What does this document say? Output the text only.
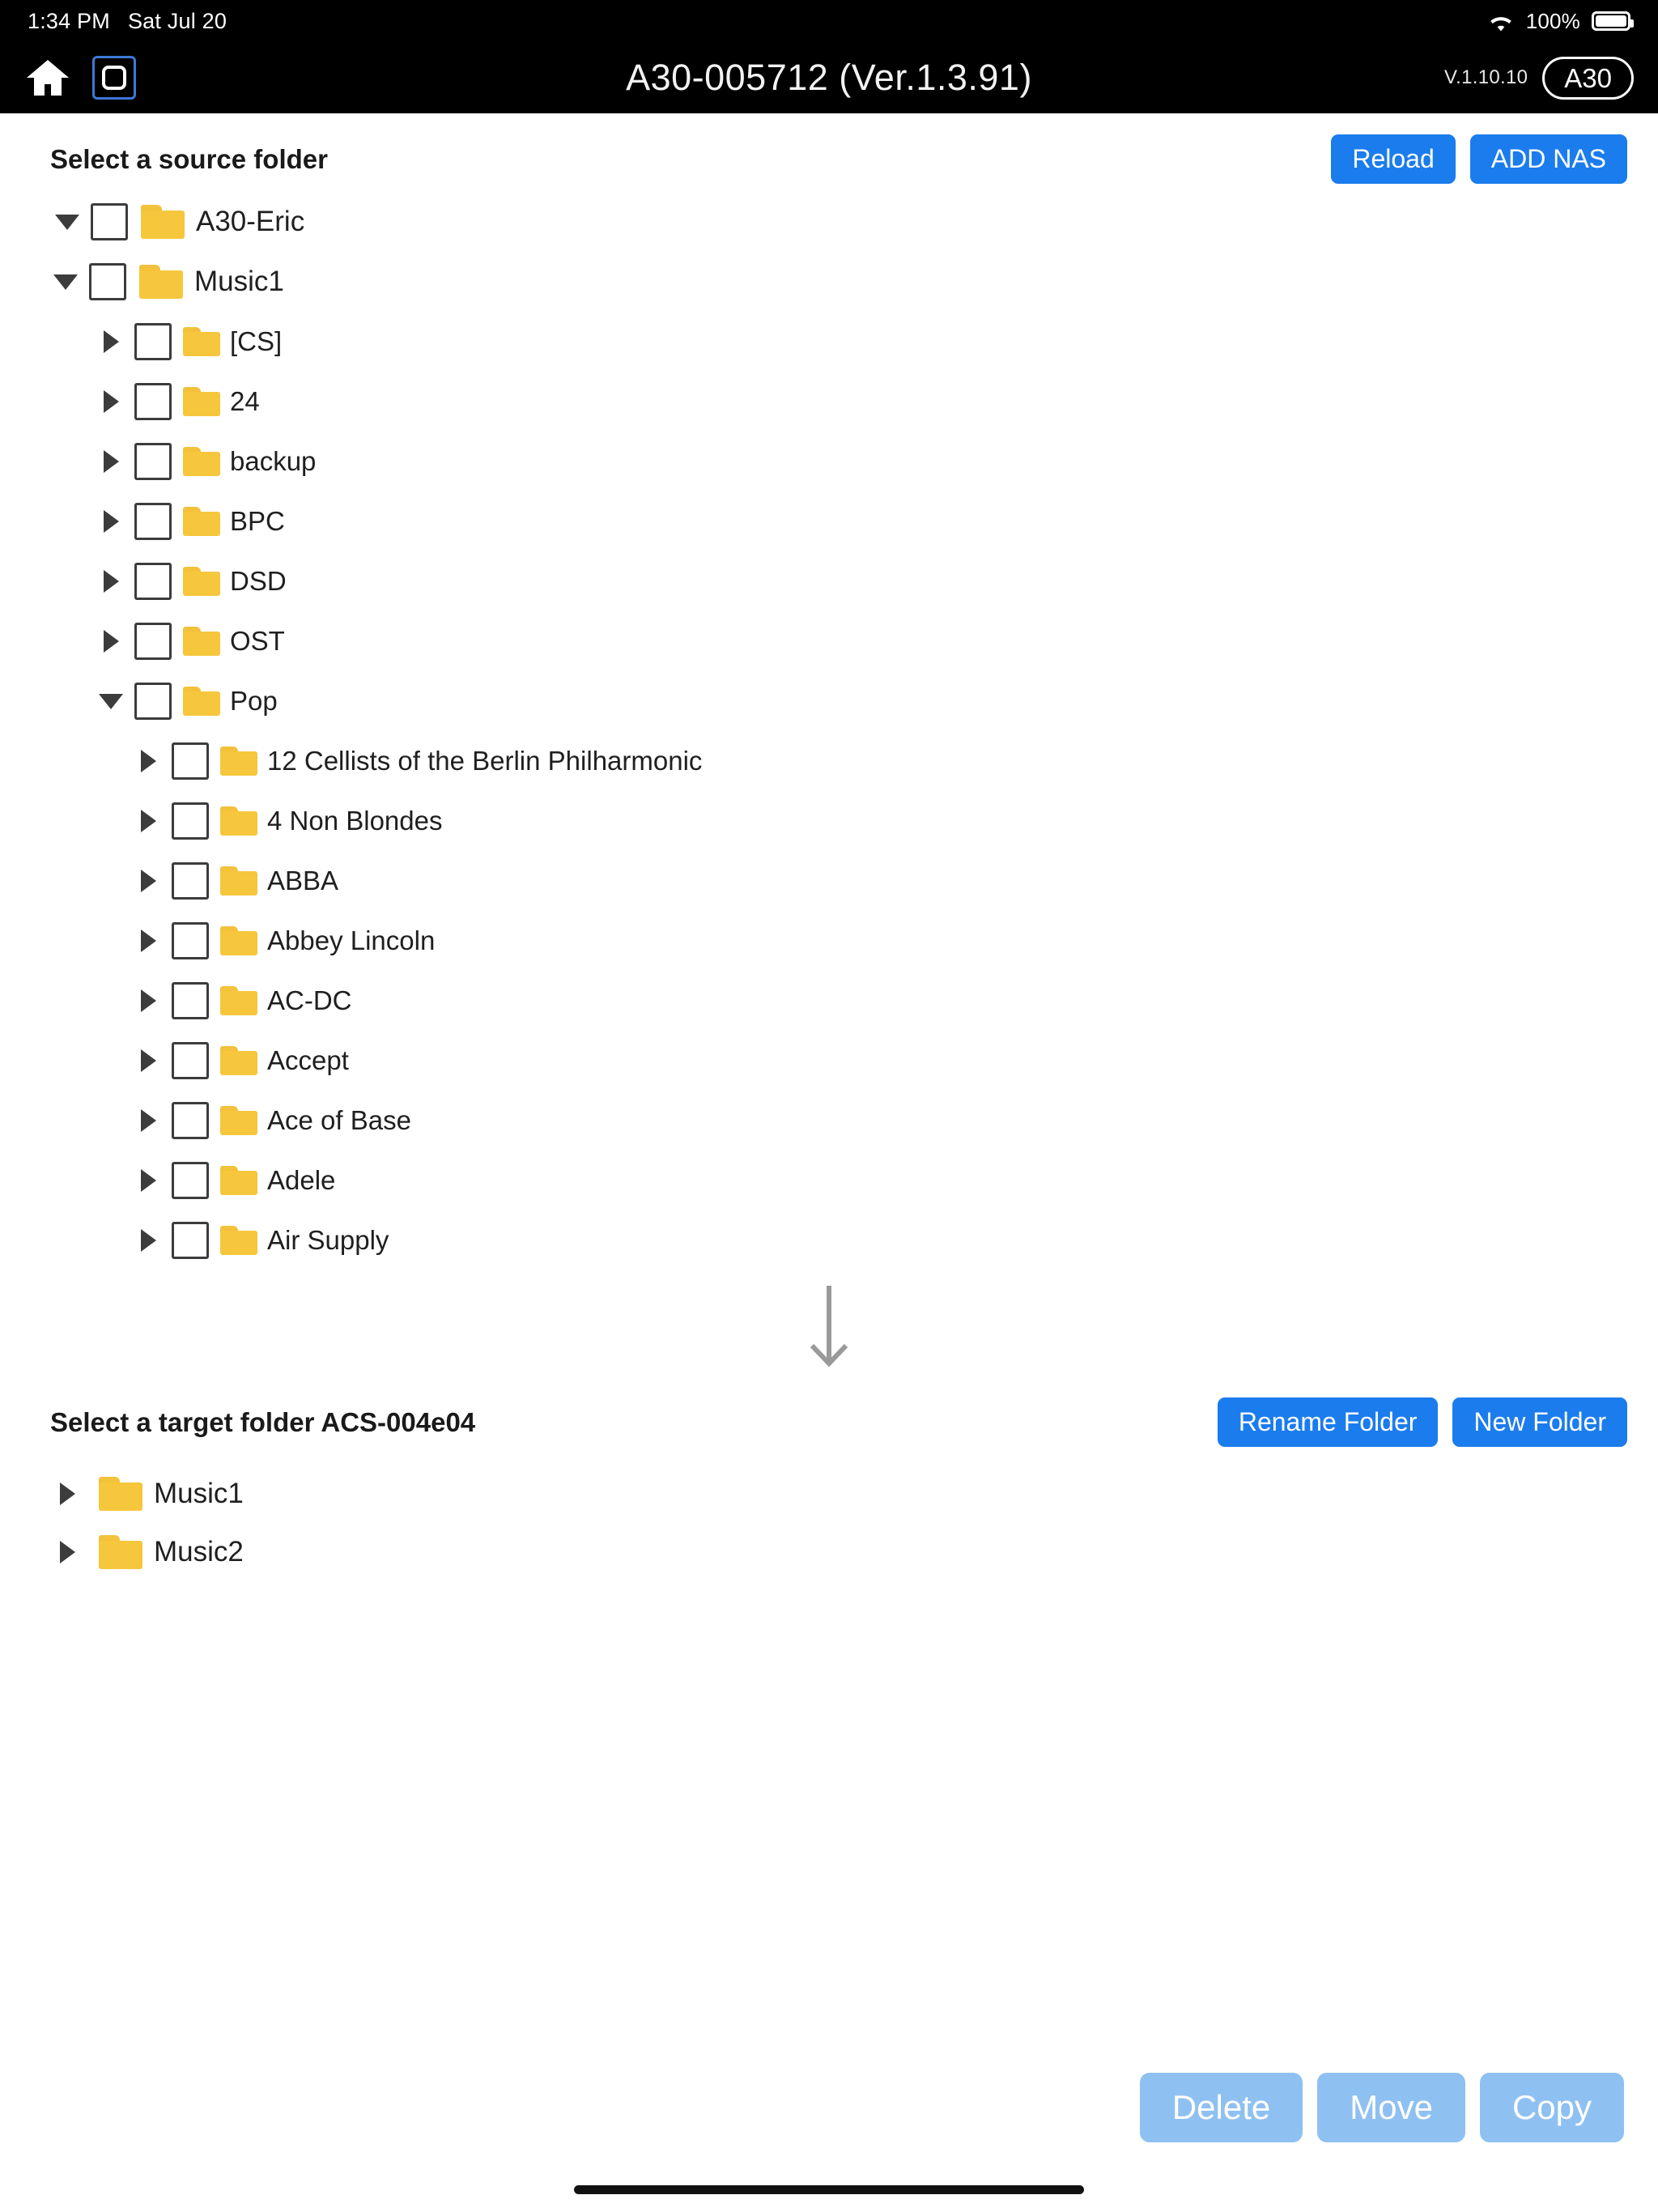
1:34 PM Sat Jul 20	100%
A30-005712 (Ver.1.3.91)	V.1.10.10	A30
Select a source folder	Reload	ADD NAS
A30-Eric
Music1
[CS]
24
backup
BPC
DSD
OST
Pop
12 Cellists of the Berlin Philharmonic
4 Non Blondes
ABBA
Abbey Lincoln
AC-DC
Accept
Ace of Base
Adele
Air Supply
Select a target folder ACS-004e04	Rename Folder	New Folder
Music1
Music2
Delete	Move	Copy
